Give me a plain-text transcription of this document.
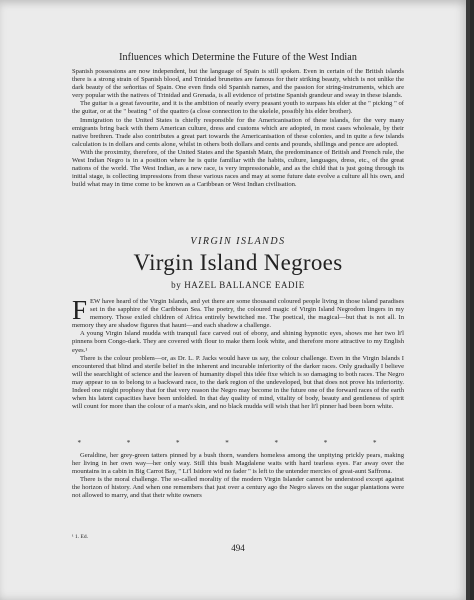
Influences which Determine the Future of the West Indian

Spanish possessions are now independent, but the language of Spain is still spoken. Even in certain of the British islands there is a strong strain of Spanish blood, and Trinidad brunettes are famous for their striking beauty, which is not unlike the dark beauty of the señoritas of Spain. One even finds old Spanish names, and the passion for string-instruments, which are very popular with the natives of Trinidad and Grenada, is all evidence of pristine Spanish grandeur and sway in these islands.

The guitar is a great favourite, and it is the ambition of nearly every peasant youth to surpass his elder at the " picking " of the guitar, or at the " beating " of the quattro (a close connection to the ukelele, possibly his elder brother).

Immigration to the United States is chiefly responsible for the Americanisation of these islands, for the very many emigrants bring back with them American culture, dress and customs which are adopted, in most cases wholesale, by their native brethren. Trade also contributes a great part towards the Americanisation of these colonies, and in quite a few islands calculation is in dollars and cents alone, whilst in others both dollars and cents and pounds, shillings and pence are adopted.

With the proximity, therefore, of the United States and the Spanish Main, the predominance of British and French rule, the West Indian Negro is in a position where he is quite familiar with the habits, culture, languages, dress, etc., of the great nations of the world. The West Indian, as a new race, is very impressionable, and as the child that is just going through its initial stage, is collecting impressions from these various races and may at some future date evolve a culture all his own, and build what may in time come to be known as a Caribbean or West Indian civilisation.

VIRGIN ISLANDS
Virgin Island Negroes
by HAZEL BALLANCE EADIE

FEW have heard of the Virgin Islands, and yet there are some thousand coloured people living in those island paradises set in the sapphire of the Caribbean Sea. The poetry, the coloured magic of Virgin Island Negrodom lingers in my memory. Those exiled children of Africa entirely bewitched me. The poetical, the magical—but that is not all. In memory they are shadow figures that haunt—and each shadow a challenge.

A young Virgin Island mudda with tranquil face carved out of ebony, and shining hypnotic eyes, shows me her two li'l pinnens born Congo-dark. They are covered with flour to make them look white, and therefore more attractive to my English eyes.¹

There is the colour problem—or, as Dr. L. P. Jacks would have us say, the colour challenge. Even in the Virgin Islands I encountered that blind and sterile belief in the inherent and incurable inferiority of the darker races. Only gradually I believe will the searchlight of science and the leaven of humanity dispel this idée fixe which is so damaging to both races. The Negro may appear to us to belong to a backward race, to the dark region of the undeveloped, but that does not prove his inferiority. Indeed one might prophesy that for that very reason the Negro may become in the future one of the forward races of the earth when his latent capacities have been unfolded. In that day quality of mind, vitality of body, beauty and gentleness of spirit will count for more than the colour of a man's skin, and no black mudda will wish that her li'l pinner had been born white.

* * * * * * *

Geraldine, her grey-green tatters pinned by a bush thorn, wanders homeless among the unpitying prickly pears, making her living in her own way—her only way. Still this bush Magdalene waits with hard tearless eyes. Far away over the mountains in a cabin in Big Carrot Bay, " Li'l Isidore wid no fader " is left to the untender mercies of great-aunt Saffrona.

There is the moral challenge. The so-called morality of the modern Virgin Islander cannot be understood except against the horizon of history. And when one remembers that just over a century ago the Negro slaves on the sugar plantations were not allowed to marry, and that their white owners

¹ 1. Ed.
494
